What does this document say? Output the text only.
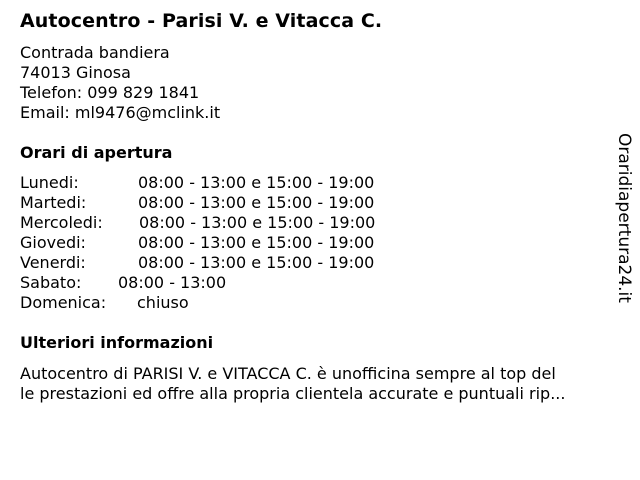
Autocentro - Parisi V. e Vitacca C.
Contrada bandiera
74013 Ginosa
Telefon: 099 829 1841
Email: ml9476@mclink.it
Orari di apertura
Lunedi:	08:00 - 13:00 e 15:00 - 19:00
Martedi:	08:00 - 13:00 e 15:00 - 19:00
Mercoledi: 08:00 - 13:00 e 15:00 - 19:00
Giovedi:	08:00 - 13:00 e 15:00 - 19:00
Venerdi:	08:00 - 13:00 e 15:00 - 19:00
Sabato: 08:00 - 13:00
Domenica: chiuso
Ulteriori informazioni
Autocentro di PARISI V. e VITACCA C. è unofficina sempre al top del
le prestazioni ed offre alla propria clientela accurate e puntuali rip...
Oraridiapertura24.it
